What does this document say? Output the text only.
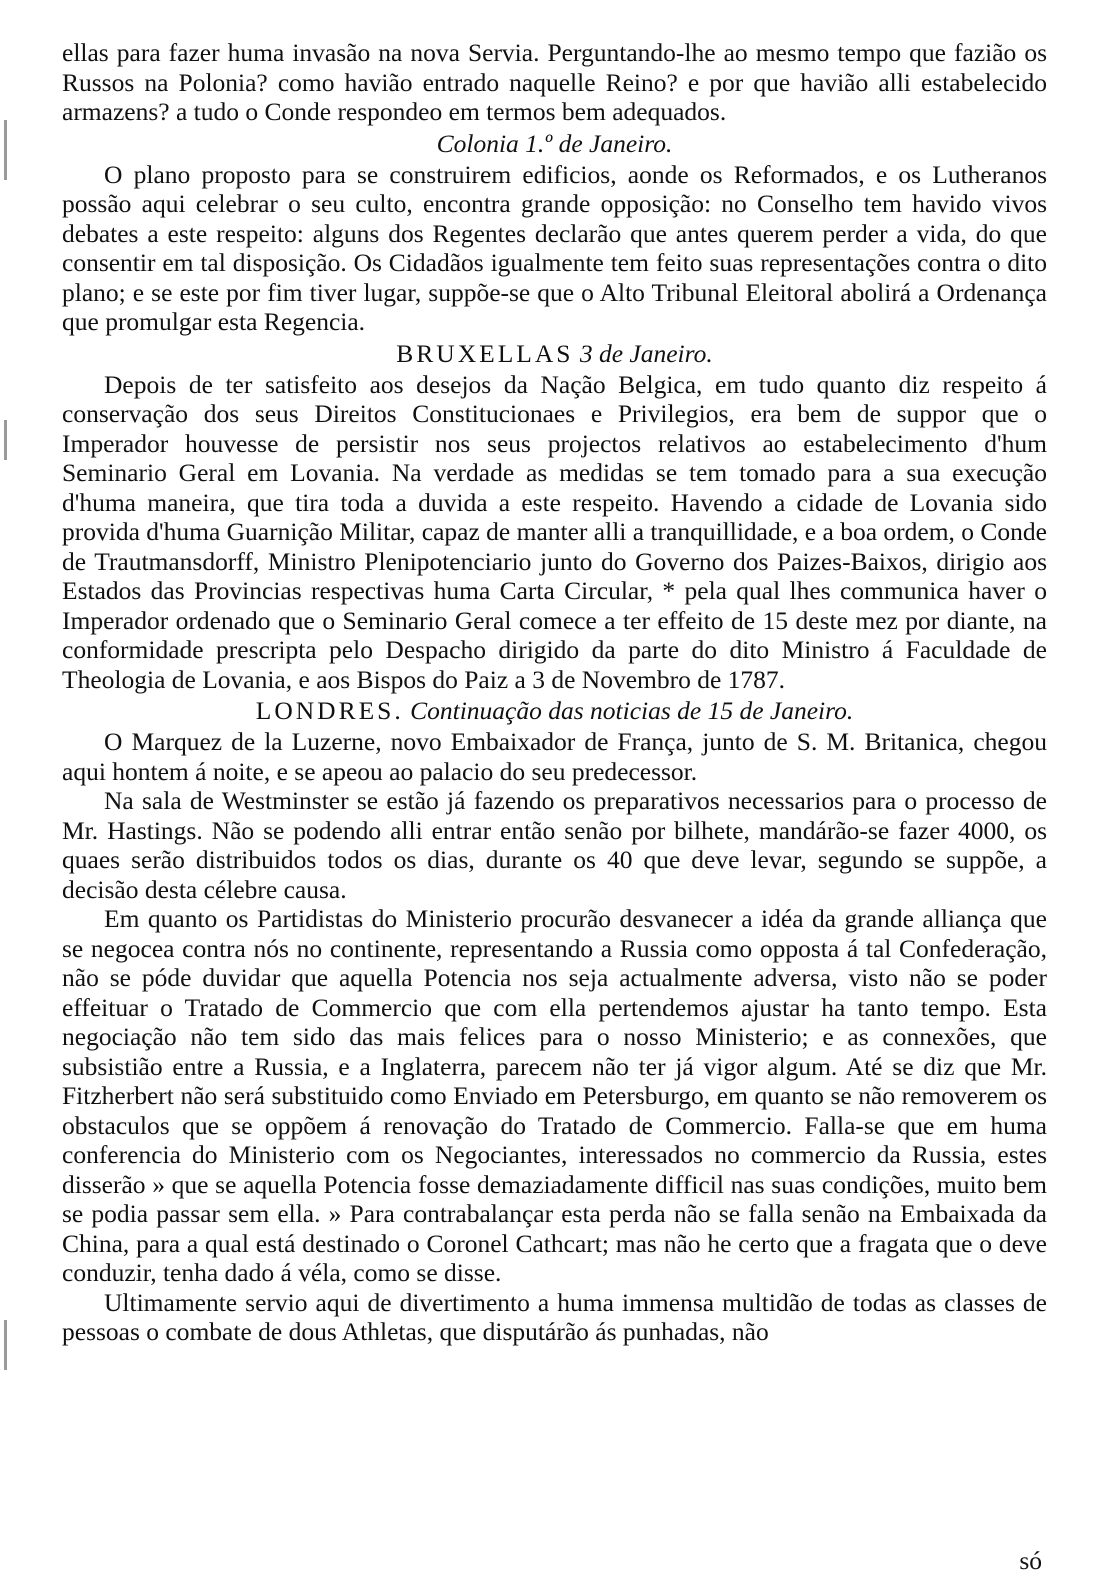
ellas para fazer huma invasão na nova Servia. Perguntando-lhe ao mesmo tempo que fazião os Russos na Polonia? como havião entrado naquelle Reino? e por que havião alli estabelecido armazens? a tudo o Conde respondeo em termos bem adequados.

Colonia 1.º de Janeiro.

O plano proposto para se construirem edificios, aonde os Reformados, e os Lutheranos possão aqui celebrar o seu culto, encontra grande opposição: no Conselho tem havido vivos debates a este respeito: alguns dos Regentes declarão que antes querem perder a vida, do que consentir em tal disposição. Os Cidadãos igualmente tem feito suas representações contra o dito plano; e se este por fim tiver lugar, suppõe-se que o Alto Tribunal Eleitoral abolirá a Ordenança que promulgar esta Regencia.

BRUXELLAS 3 de Janeiro.

Depois de ter satisfeito aos desejos da Nação Belgica, em tudo quanto diz respeito á conservação dos seus Direitos Constitucionaes e Privilegios, era bem de suppor que o Imperador houvesse de persistir nos seus projectos relativos ao estabelecimento d'hum Seminario Geral em Lovania. Na verdade as medidas se tem tomado para a sua execução d'huma maneira, que tira toda a duvida a este respeito. Havendo a cidade de Lovania sido provida d'huma Guarnição Militar, capaz de manter alli a tranquillidade, e a boa ordem, o Conde de Trautmansdorff, Ministro Plenipotenciario junto do Governo dos Paizes-Baixos, dirigio aos Estados das Provincias respectivas huma Carta Circular, * pela qual lhes communica haver o Imperador ordenado que o Seminario Geral comece a ter effeito de 15 deste mez por diante, na conformidade prescripta pelo Despacho dirigido da parte do dito Ministro á Faculdade de Theologia de Lovania, e aos Bispos do Paiz a 3 de Novembro de 1787.

LONDRES. Continuação das noticias de 15 de Janeiro.

O Marquez de la Luzerne, novo Embaixador de França, junto de S. M. Britanica, chegou aqui hontem á noite, e se apeou ao palacio do seu predecessor.

Na sala de Westminster se estão já fazendo os preparativos necessarios para o processo de Mr. Hastings. Não se podendo alli entrar então senão por bilhete, mandárão-se fazer 4000, os quaes serão distribuidos todos os dias, durante os 40 que deve levar, segundo se suppõe, a decisão desta célebre causa.

Em quanto os Partidistas do Ministerio procurão desvanecer a idéa da grande alliança que se negocea contra nós no continente, representando a Russia como opposta á tal Confederação, não se póde duvidar que aquella Potencia nos seja actualmente adversa, visto não se poder effeituar o Tratado de Commercio que com ella pertendemos ajustar ha tanto tempo. Esta negociação não tem sido das mais felices para o nosso Ministerio; e as connexões, que subsistião entre a Russia, e a Inglaterra, parecem não ter já vigor algum. Até se diz que Mr. Fitzherbert não será substituido como Enviado em Petersburgo, em quanto se não removerem os obstaculos que se oppõem á renovação do Tratado de Commercio. Falla-se que em huma conferencia do Ministerio com os Negociantes, interessados no commercio da Russia, estes disserão » que se aquella Potencia fosse demaziadamente difficil nas suas condições, muito bem se podia passar sem ella. » Para contrabalançar esta perda não se falla senão na Embaixada da China, para a qual está destinado o Coronel Cathcart; mas não he certo que a fragata que o deve conduzir, tenha dado á véla, como se disse.

Ultimamente servio aqui de divertimento a huma immensa multidão de todas as classes de pessoas o combate de dous Athletas, que disputárão ás punhadas, não

só
